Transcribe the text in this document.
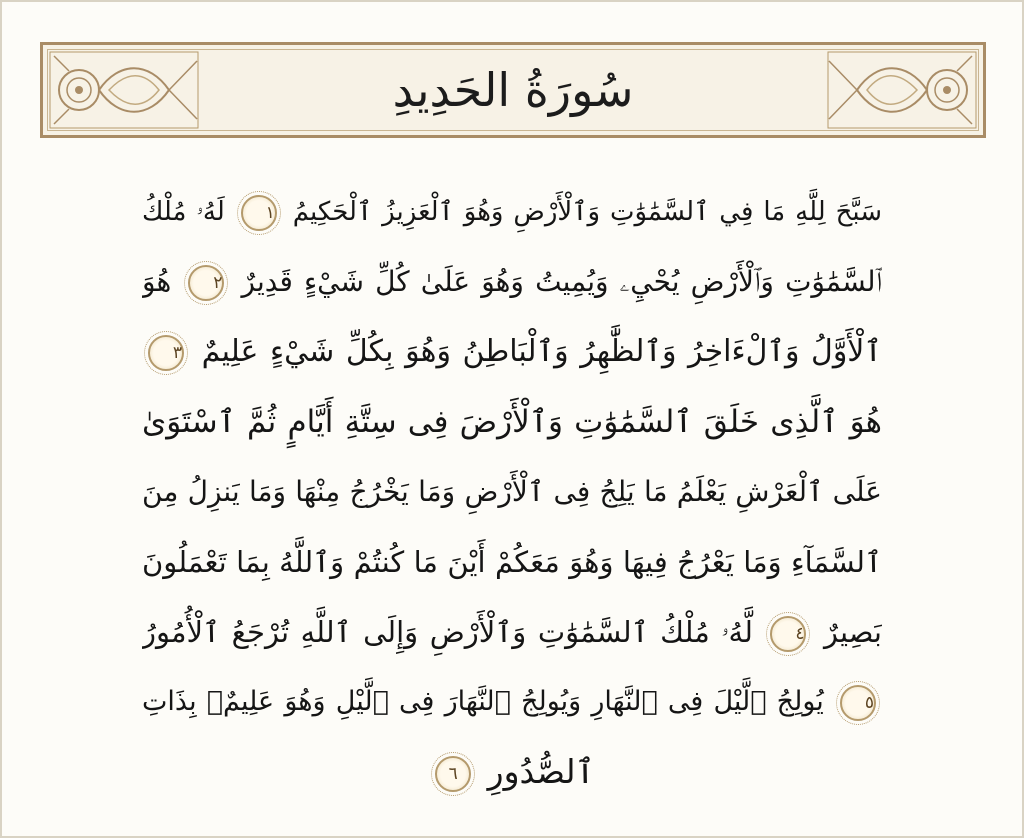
سُورَةُ الحَدِيدِ
سَبَّحَ لِلَّهِ مَا فِي ٱلسَّمَٰوَٰتِ وَٱلْأَرْضِ وَهُوَ ٱلْعَزِيزُ ٱلْحَكِيمُ ١ لَهُۥ مُلْكُ
ٱلسَّمَٰوَٰتِ وَٱلْأَرْضِ يُحْيِۦ وَيُمِيتُ وَهُوَ عَلَىٰ كُلِّ شَيْءٍ قَدِيرٌ ٢ هُوَ
ٱلْأَوَّلُ وَٱلْءَاخِرُ وَٱلظَّٰهِرُ وَٱلْبَاطِنُ وَهُوَ بِكُلِّ شَيْءٍ عَلِيمٌ ٣
هُوَ ٱلَّذِى خَلَقَ ٱلسَّمَٰوَٰتِ وَٱلْأَرْضَ فِى سِتَّةِ أَيَّامٍ ثُمَّ ٱسْتَوَىٰ
عَلَى ٱلْعَرْشِ يَعْلَمُ مَا يَلِجُ فِى ٱلْأَرْضِ وَمَا يَخْرُجُ مِنْهَا وَمَا يَنزِلُ مِنَ
ٱلسَّمَآءِ وَمَا يَعْرُجُ فِيهَا وَهُوَ مَعَكُمْ أَيْنَ مَا كُنتُمْ وَٱللَّهُ بِمَا تَعْمَلُونَ
بَصِيرٌ ٤ لَّهُۥ مُلْكُ ٱلسَّمَٰوَٰتِ وَٱلْأَرْضِ وَإِلَى ٱللَّهِ تُرْجَعُ ٱلْأُمُورُ
٥ يُولِجُ ٱلَّيْلَ فِى ٱلنَّهَارِ وَيُولِجُ ٱلنَّهَارَ فِى ٱلَّيْلِ وَهُوَ عَلِيمٌۢ بِذَاتِ
ٱلصُّدُورِ ٦
